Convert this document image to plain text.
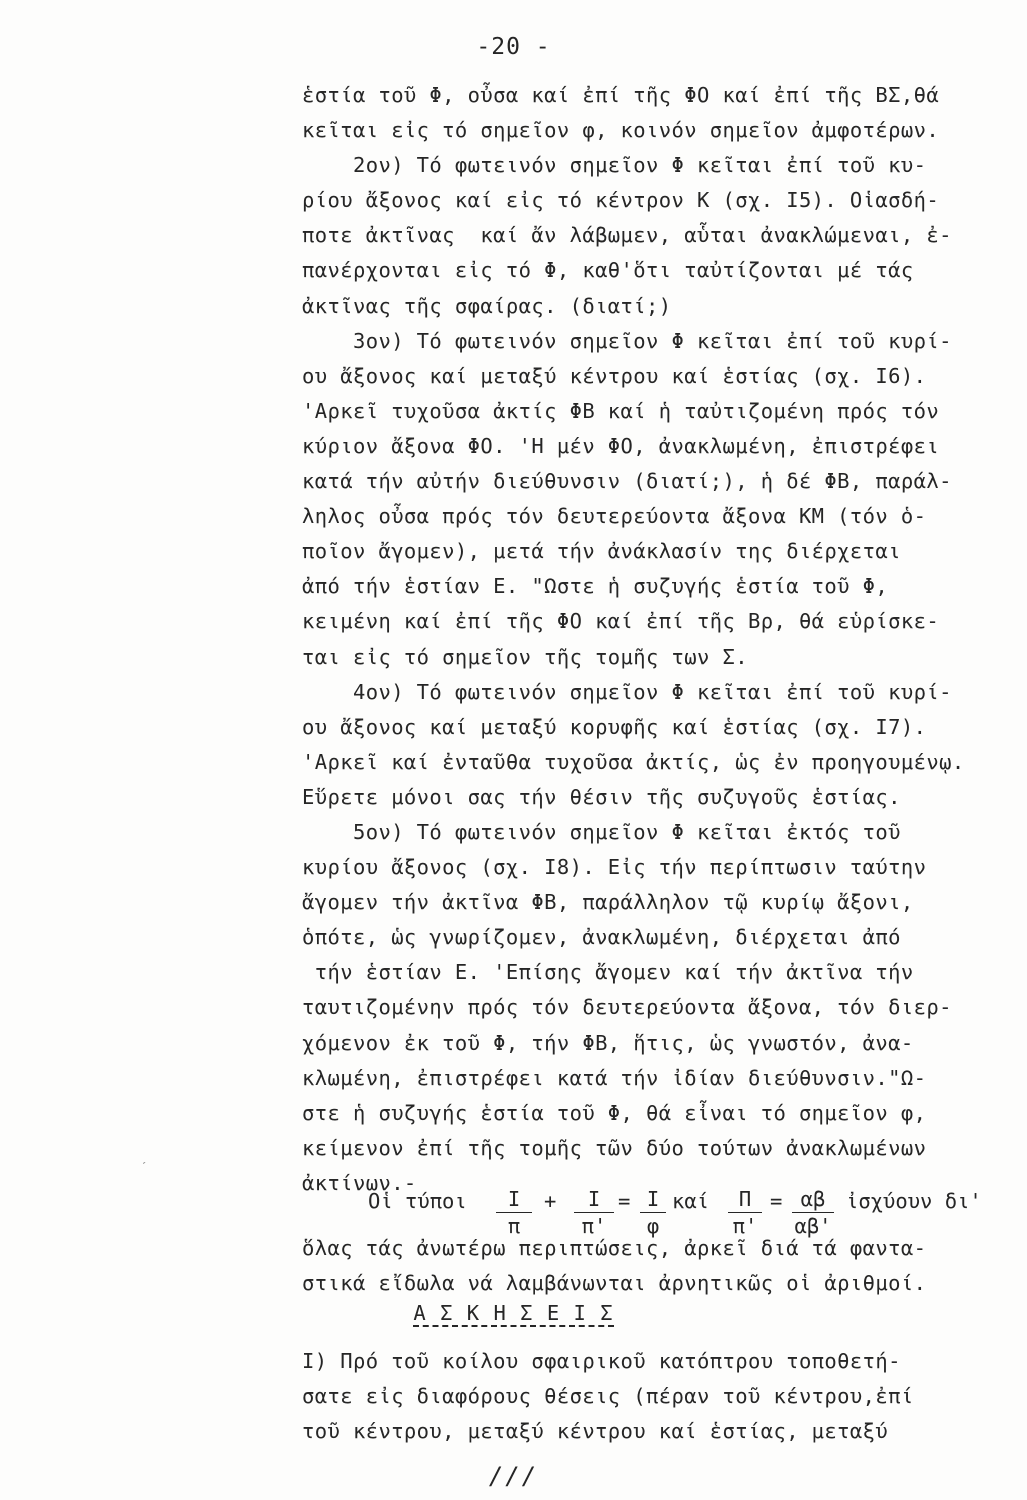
-20 -
ἑστία τοῦ Φ, οὖσα καί ἐπί τῆς ΦΟ καί ἐπί τῆς ΒΣ,θά
κεῖται εἰς τό σημεῖον φ, κοινόν σημεῖον ἀμφοτέρων.
2ον) Τό φωτεινόν σημεῖον Φ κεῖται ἐπί τοῦ κυ-
ρίου ἄξονος καί εἰς τό κέντρον Κ (σχ. Ι5). Οἱασδή-
ποτε ἀκτῖνας  καί ἄν λάβωμεν, αὗται ἀνακλώμεναι, ἐ-
πανέρχονται εἰς τό Φ, καθ'ὅτι ταὐτίζονται μέ τάς
ἀκτῖνας τῆς σφαίρας. (διατί;)
3ον) Τό φωτεινόν σημεῖον Φ κεῖται ἐπί τοῦ κυρί-
ου ἄξονος καί μεταξύ κέντρου καί ἑστίας (σχ. Ι6).
'Αρκεῖ τυχοῦσα ἀκτίς ΦΒ καί ἡ ταὐτιζομένη πρός τόν
κύριον ἄξονα ΦΟ. 'Η μέν ΦΟ, ἀνακλωμένη, ἐπιστρέφει
κατά τήν αὐτήν διεύθυνσιν (διατί;), ἡ δέ ΦΒ, παράλ-
ληλος οὖσα πρός τόν δευτερεύοντα ἄξονα ΚΜ (τόν ὁ-
ποῖον ἄγομεν), μετά τήν ἀνάκλασίν της διέρχεται
ἀπό τήν ἑστίαν Ε. "Ωστε ἡ συζυγής ἑστία τοῦ Φ,
κειμένη καί ἐπί τῆς ΦΟ καί ἐπί τῆς Βρ, θά εὑρίσκε-
ται εἰς τό σημεῖον τῆς τομῆς των Σ.
4ον) Τό φωτεινόν σημεῖον Φ κεῖται ἐπί τοῦ κυρί-
ου ἄξονος καί μεταξύ κορυφῆς καί ἑστίας (σχ. Ι7).
'Αρκεῖ καί ἐνταῦθα τυχοῦσα ἀκτίς, ὡς ἐν προηγουμένῳ.
Εὕρετε μόνοι σας τήν θέσιν τῆς συζυγοῦς ἑστίας.
5ον) Τό φωτεινόν σημεῖον Φ κεῖται ἐκτός τοῦ
κυρίου ἄξονος (σχ. Ι8). Εἰς τήν περίπτωσιν ταύτην
ἄγομεν τήν ἀκτῖνα ΦΒ, παράλληλον τῷ κυρίῳ ἄξονι,
ὁπότε, ὡς γνωρίζομεν, ἀνακλωμένη, διέρχεται ἀπό
τήν ἑστίαν Ε. 'Επίσης ἄγομεν καί τήν ἀκτῖνα τήν
ταυτιζομένην πρός τόν δευτερεύοντα ἄξονα, τόν διερ-
χόμενον ἐκ τοῦ Φ, τήν ΦΒ, ἥτις, ὡς γνωστόν, ἀνα-
κλωμένη, ἐπιστρέφει κατά τήν ἰδίαν διεύθυνσιν."Ω-
στε ἡ συζυγής ἑστία τοῦ Φ, θά εἶναι τό σημεῖον φ,
κείμενον ἐπί τῆς τομῆς τῶν δύο τούτων ἀνακλωμένων
ἀκτίνων.-
ˊ
Οἱ τύποι $\frac{I}{\pi} + \frac{I}{\pi'} = \frac{I}{\varphi}$ καί $\frac{\Pi}{\pi'} = \frac{\alpha\beta}{\alpha\beta'}$ ἰσχύουν δι'
ὅλας τάς ἀνωτέρω περιπτώσεις, ἀρκεῖ διά τά φαντα-
στικά εἴδωλα νά λαμβάνωνται ἀρνητικῶς οἱ ἀριθμοί.
Α Σ Κ Η Σ Ε Ι Σ
Ι) Πρό τοῦ κοίλου σφαιρικοῦ κατόπτρου τοποθετή-
σατε εἰς διαφόρους θέσεις (πέραν τοῦ κέντρου,ἐπί
τοῦ κέντρου, μεταξύ κέντρου καί ἑστίας, μεταξύ
///
